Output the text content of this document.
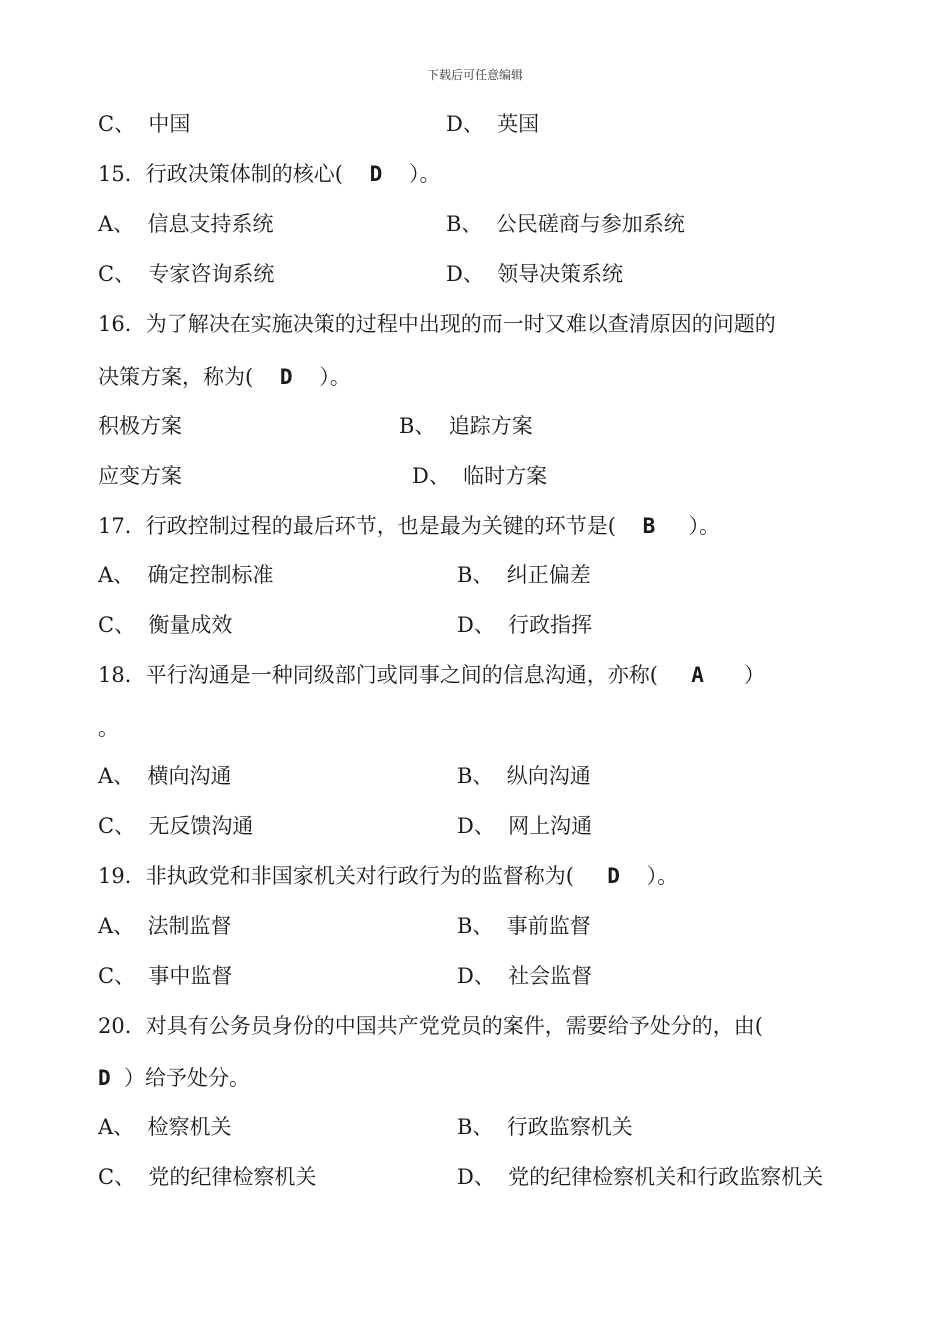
下载后可任意编辑
C、  中国	D、  英国
15．行政决策体制的核心(    D    ）。
A、  信息支持系统	B、  公民磋商与参加系统
C、  专家咨询系统	D、  领导决策系统
16．为了解决在实施决策的过程中出现的而一时又难以查清原因的问题的
决策方案，称为(    D    ）。
积极方案	B、  追踪方案
应变方案	D、  临时方案
17．行政控制过程的最后环节，也是最为关键的环节是(    B     ）。
A、  确定控制标准	B、  纠正偏差
C、  衡量成效	D、  行政指挥
18．平行沟通是一种同级部门或同事之间的信息沟通，亦称(     A      ）
。
A、  横向沟通	B、  纵向沟通
C、  无反馈沟通	D、  网上沟通
19．非执政党和非国家机关对行政行为的监督称为(     D    ）。
A、  法制监督	B、  事前监督
C、  事中监督	D、  社会监督
20．对具有公务员身份的中国共产党党员的案件，需要给予处分的，由(
D  ）给予处分。
A、  检察机关	B、  行政监察机关
C、  党的纪律检察机关	D、  党的纪律检察机关和行政监察机关
